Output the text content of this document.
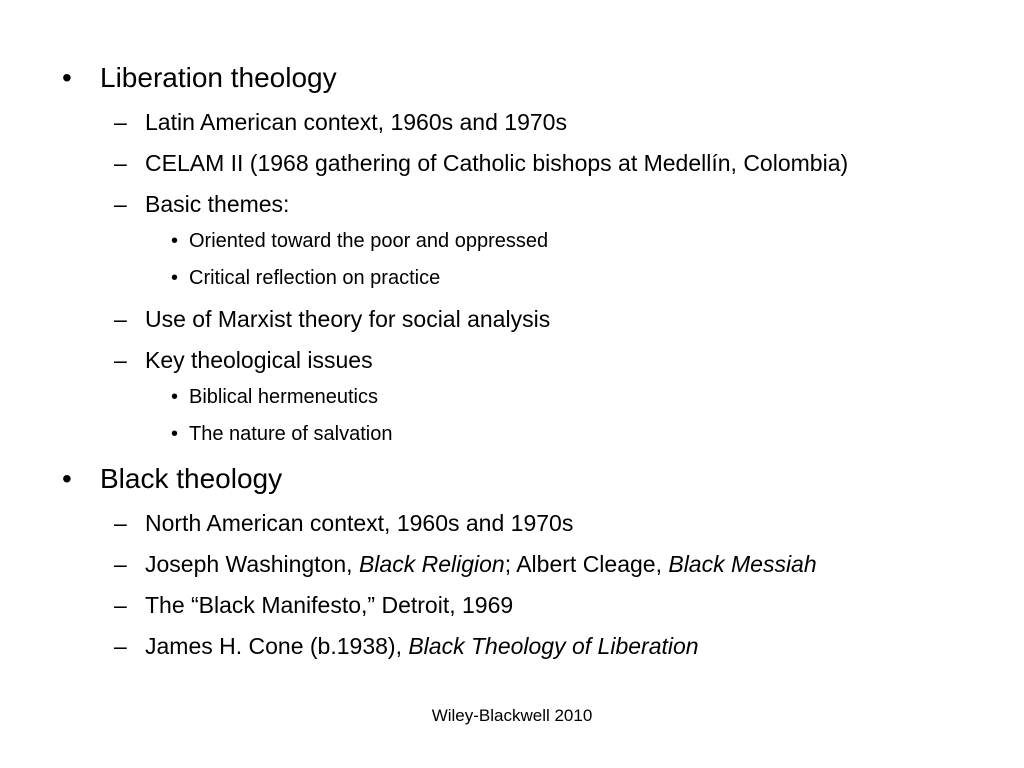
• Liberation theology
– Latin American context, 1960s and 1970s
– CELAM II (1968 gathering of Catholic bishops at Medellín, Colombia)
– Basic themes:
• Oriented toward the poor and oppressed
• Critical reflection on practice
– Use of Marxist theory for social analysis
– Key theological issues
• Biblical hermeneutics
• The nature of salvation
• Black theology
– North American context, 1960s and 1970s
– Joseph Washington, Black Religion; Albert Cleage, Black Messiah
– The “Black Manifesto,” Detroit, 1969
– James H. Cone (b.1938), Black Theology of Liberation
Wiley-Blackwell 2010
